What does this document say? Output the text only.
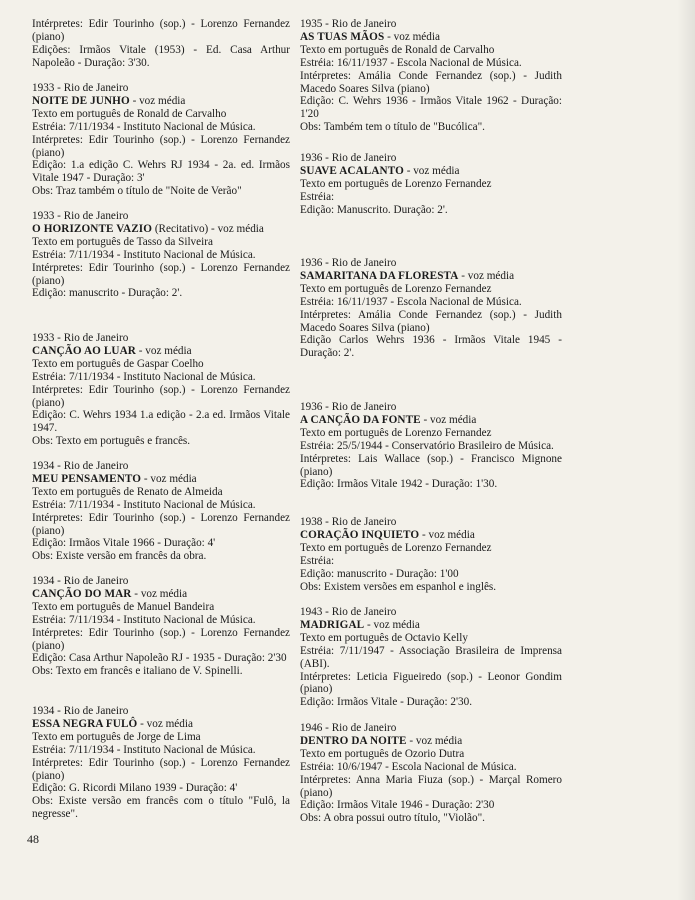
Intérpretes: Edir Tourinho (sop.) - Lorenzo Fernandez (piano)

Edições: Irmãos Vitale (1953) - Ed. Casa Arthur Napoleão - Duração: 3'30.

1933 - Rio de Janeiro

NOITE DE JUNHO - voz média

Texto em português de Ronald de Carvalho

Estréia: 7/11/1934 - Instituto Nacional de Música.

Intérpretes: Edir Tourinho (sop.) - Lorenzo Fernandez (piano)

Edição: 1.a edição C. Wehrs RJ 1934 - 2a. ed. Irmãos Vitale 1947 - Duração: 3'

Obs: Traz também o título de "Noite de Verão"

1933 - Rio de Janeiro

O HORIZONTE VAZIO (Recitativo) - voz média

Texto em português de Tasso da Silveira

Estréia: 7/11/1934 - Instituto Nacional de Música.

Intérpretes: Edir Tourinho (sop.) - Lorenzo Fernandez (piano)

Edição: manuscrito - Duração: 2'.

1933 - Rio de Janeiro

CANÇÃO AO LUAR - voz média

Texto em português de Gaspar Coelho

Estréia: 7/11/1934 - Instituto Nacional de Música.

Intérpretes: Edir Tourinho (sop.) - Lorenzo Fernandez (piano)

Edição: C. Wehrs 1934 1.a edição - 2.a ed. Irmãos Vitale 1947.

Obs: Texto em português e francês.

1934 - Rio de Janeiro

MEU PENSAMENTO - voz média

Texto em português de Renato de Almeida

Estréia: 7/11/1934 - Instituto Nacional de Música.

Intérpretes: Edir Tourinho (sop.) - Lorenzo Fernandez (piano)

Edição: Irmãos Vitale 1966 - Duração: 4'

Obs: Existe versão em francês da obra.

1934 - Rio de Janeiro

CANÇÃO DO MAR - voz média

Texto em português de Manuel Bandeira

Estréia: 7/11/1934 - Instituto Nacional de Música.

Intérpretes: Edir Tourinho (sop.) - Lorenzo Fernandez (piano)

Edição: Casa Arthur Napoleão RJ - 1935 - Duração: 2'30

Obs: Texto em francês e italiano de V. Spinelli.

1934 - Rio de Janeiro

ESSA NEGRA FULÔ - voz média

Texto em português de Jorge de Lima

Estréia: 7/11/1934 - Instituto Nacional de Música.

Intérpretes: Edir Tourinho (sop.) - Lorenzo Fernandez (piano)

Edição: G. Ricordi Milano 1939 - Duração: 4'

Obs: Existe versão em francês com o título "Fulô, la negresse".

1935 - Rio de Janeiro

AS TUAS MÃOS - voz média

Texto em português de Ronald de Carvalho

Estréia: 16/11/1937 - Escola Nacional de Música.

Intérpretes: Amália Conde Fernandez (sop.) - Judith Macedo Soares Silva (piano)

Edição: C. Wehrs 1936 - Irmãos Vitale 1962 - Duração: 1'20

Obs: Também tem o título de "Bucólica".

1936 - Rio de Janeiro

SUAVE ACALANTO - voz média

Texto em português de Lorenzo Fernandez

Estréia:

Edição: Manuscrito. Duração: 2'.

1936 - Rio de Janeiro

SAMARITANA DA FLORESTA - voz média

Texto em português de Lorenzo Fernandez

Estréia: 16/11/1937 - Escola Nacional de Música.

Intérpretes: Amália Conde Fernandez (sop.) - Judith Macedo Soares Silva (piano)

Edição Carlos Wehrs 1936 - Irmãos Vitale 1945 - Duração: 2'.

1936 - Rio de Janeiro

A CANÇÃO DA FONTE - voz média

Texto em português de Lorenzo Fernandez

Estréia: 25/5/1944 - Conservatório Brasileiro de Música.

Intérpretes: Lais Wallace (sop.) - Francisco Mignone (piano)

Edição: Irmãos Vitale 1942 - Duração: 1'30.

1938 - Rio de Janeiro

CORAÇÃO INQUIETO - voz média

Texto em português de Lorenzo Fernandez

Estréia:

Edição: manuscrito - Duração: 1'00

Obs: Existem versões em espanhol e inglês.

1943 - Rio de Janeiro

MADRIGAL - voz média

Texto em português de Octavio Kelly

Estréia: 7/11/1947 - Associação Brasileira de Imprensa (ABI).

Intérpretes: Leticia Figueiredo (sop.) - Leonor Gondim (piano)

Edição: Irmãos Vitale - Duração: 2'30.

1946 - Rio de Janeiro

DENTRO DA NOITE - voz média

Texto em português de Ozorio Dutra

Estréia: 10/6/1947 - Escola Nacional de Música.

Intérpretes: Anna Maria Fiuza (sop.) - Marçal Romero (piano)

Edição: Irmãos Vitale 1946 - Duração: 2'30

Obs: A obra possui outro título, "Violão".

48
